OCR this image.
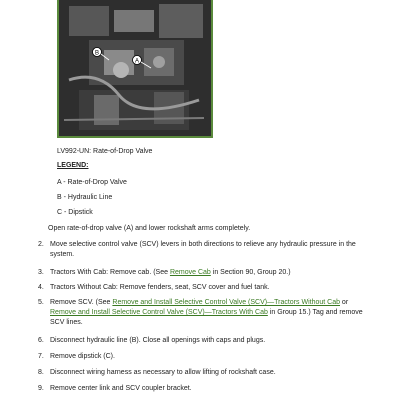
A
B
LV992-UN: Rate-of-Drop Valve
LEGEND:
A - Rate-of-Drop Valve
B - Hydraulic Line
C - Dipstick
Open rate-of-drop valve (A) and lower rockshaft arms completely.
2. Move selective control valve (SCV) levers in both directions to relieve any hydraulic pressure in the system.
3. Tractors With Cab: Remove cab. (See Remove Cab in Section 90, Group 20.)
4. Tractors Without Cab: Remove fenders, seat, SCV cover and fuel tank.
5. Remove SCV. (See Remove and Install Selective Control Valve (SCV)—Tractors Without Cab or Remove and Install Selective Control Valve (SCV)—Tractors With Cab in Group 15.) Tag and remove SCV lines.
6. Disconnect hydraulic line (B). Close all openings with caps and plugs.
7. Remove dipstick (C).
8. Disconnect wiring harness as necessary to allow lifting of rockshaft case.
9. Remove center link and SCV coupler bracket.
